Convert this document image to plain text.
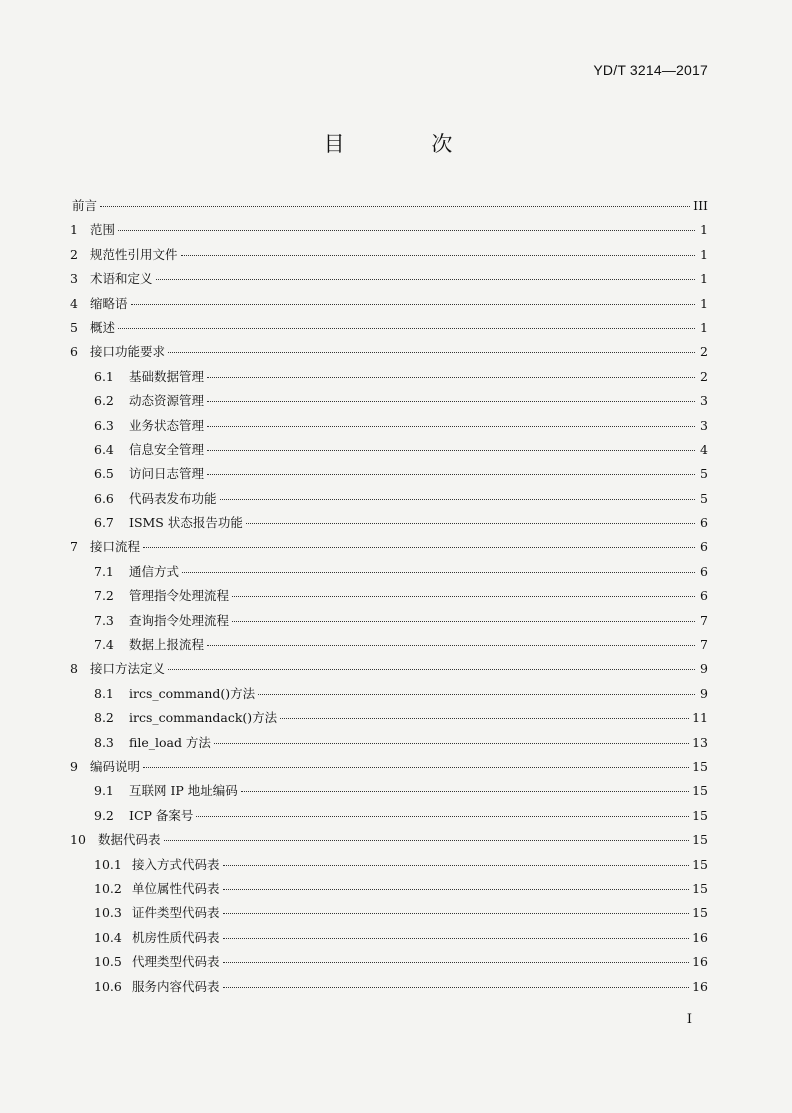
YD/T 3214—2017
目 次
前言	III
1 范围	1
2 规范性引用文件	1
3 术语和定义	1
4 缩略语	1
5 概述	1
6 接口功能要求	2
6.1	基础数据管理	2
6.2	动态资源管理	3
6.3	业务状态管理	3
6.4	信息安全管理	4
6.5	访问日志管理	5
6.6	代码表发布功能	5
6.7	ISMS 状态报告功能	6
7 接口流程	6
7.1	通信方式	6
7.2	管理指令处理流程	6
7.3	查询指令处理流程	7
7.4	数据上报流程	7
8 接口方法定义	9
8.1	ircs_command()方法	9
8.2	ircs_commandack()方法	11
8.3	file_load 方法	13
9 编码说明	15
9.1	互联网 IP 地址编码	15
9.2	ICP 备案号	15
10 数据代码表	15
10.1 接入方式代码表	15
10.2 单位属性代码表	15
10.3 证件类型代码表	15
10.4 机房性质代码表	16
10.5 代理类型代码表	16
10.6 服务内容代码表	16
I
